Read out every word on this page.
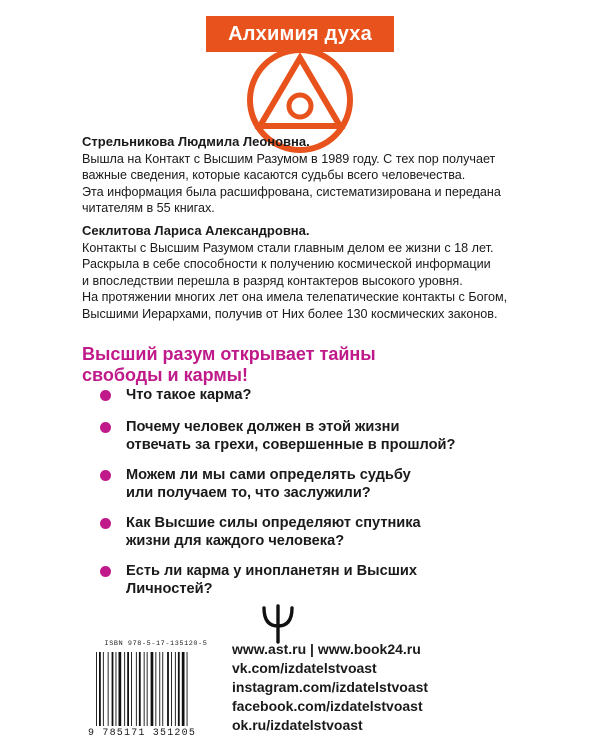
Алхимия духа

Стрельникова Людмила Леоновна.

Вышла на Контакт с Высшим Разумом в 1989 году. С тех пор получает

важные сведения, которые касаются судьбы всего человечества.

Эта информация была расшифрована, систематизирована и передана

читателям в 55 книгах.

Секлитова Лариса Александровна.

Контакты с Высшим Разумом стали главным делом ее жизни с 18 лет.

Раскрыла в себе способности к получению космической информации

и впоследствии перешла в разряд контактеров высокого уровня.

На протяжении многих лет она имела телепатические контакты с Богом,

Высшими Иерархами, получив от Них более 130 космических законов.

Высший разум открывает тайны
свободы и кармы!
Что такое карма?
Почему человек должен в этой жизни
отвечать за грехи, совершенные в прошлой?
Можем ли мы сами определять судьбу
или получаем то, что заслужили?
Как Высшие силы определяют спутника
жизни для каждого человека?
Есть ли карма у инопланетян и Высших
Личностей?
ISBN 978-5-17-135120-5
9 785171 351205
www.ast.ru | www.book24.ru
vk.com/izdatelstvoast
instagram.com/izdatelstvoast
facebook.com/izdatelstvoast
ok.ru/izdatelstvoast
